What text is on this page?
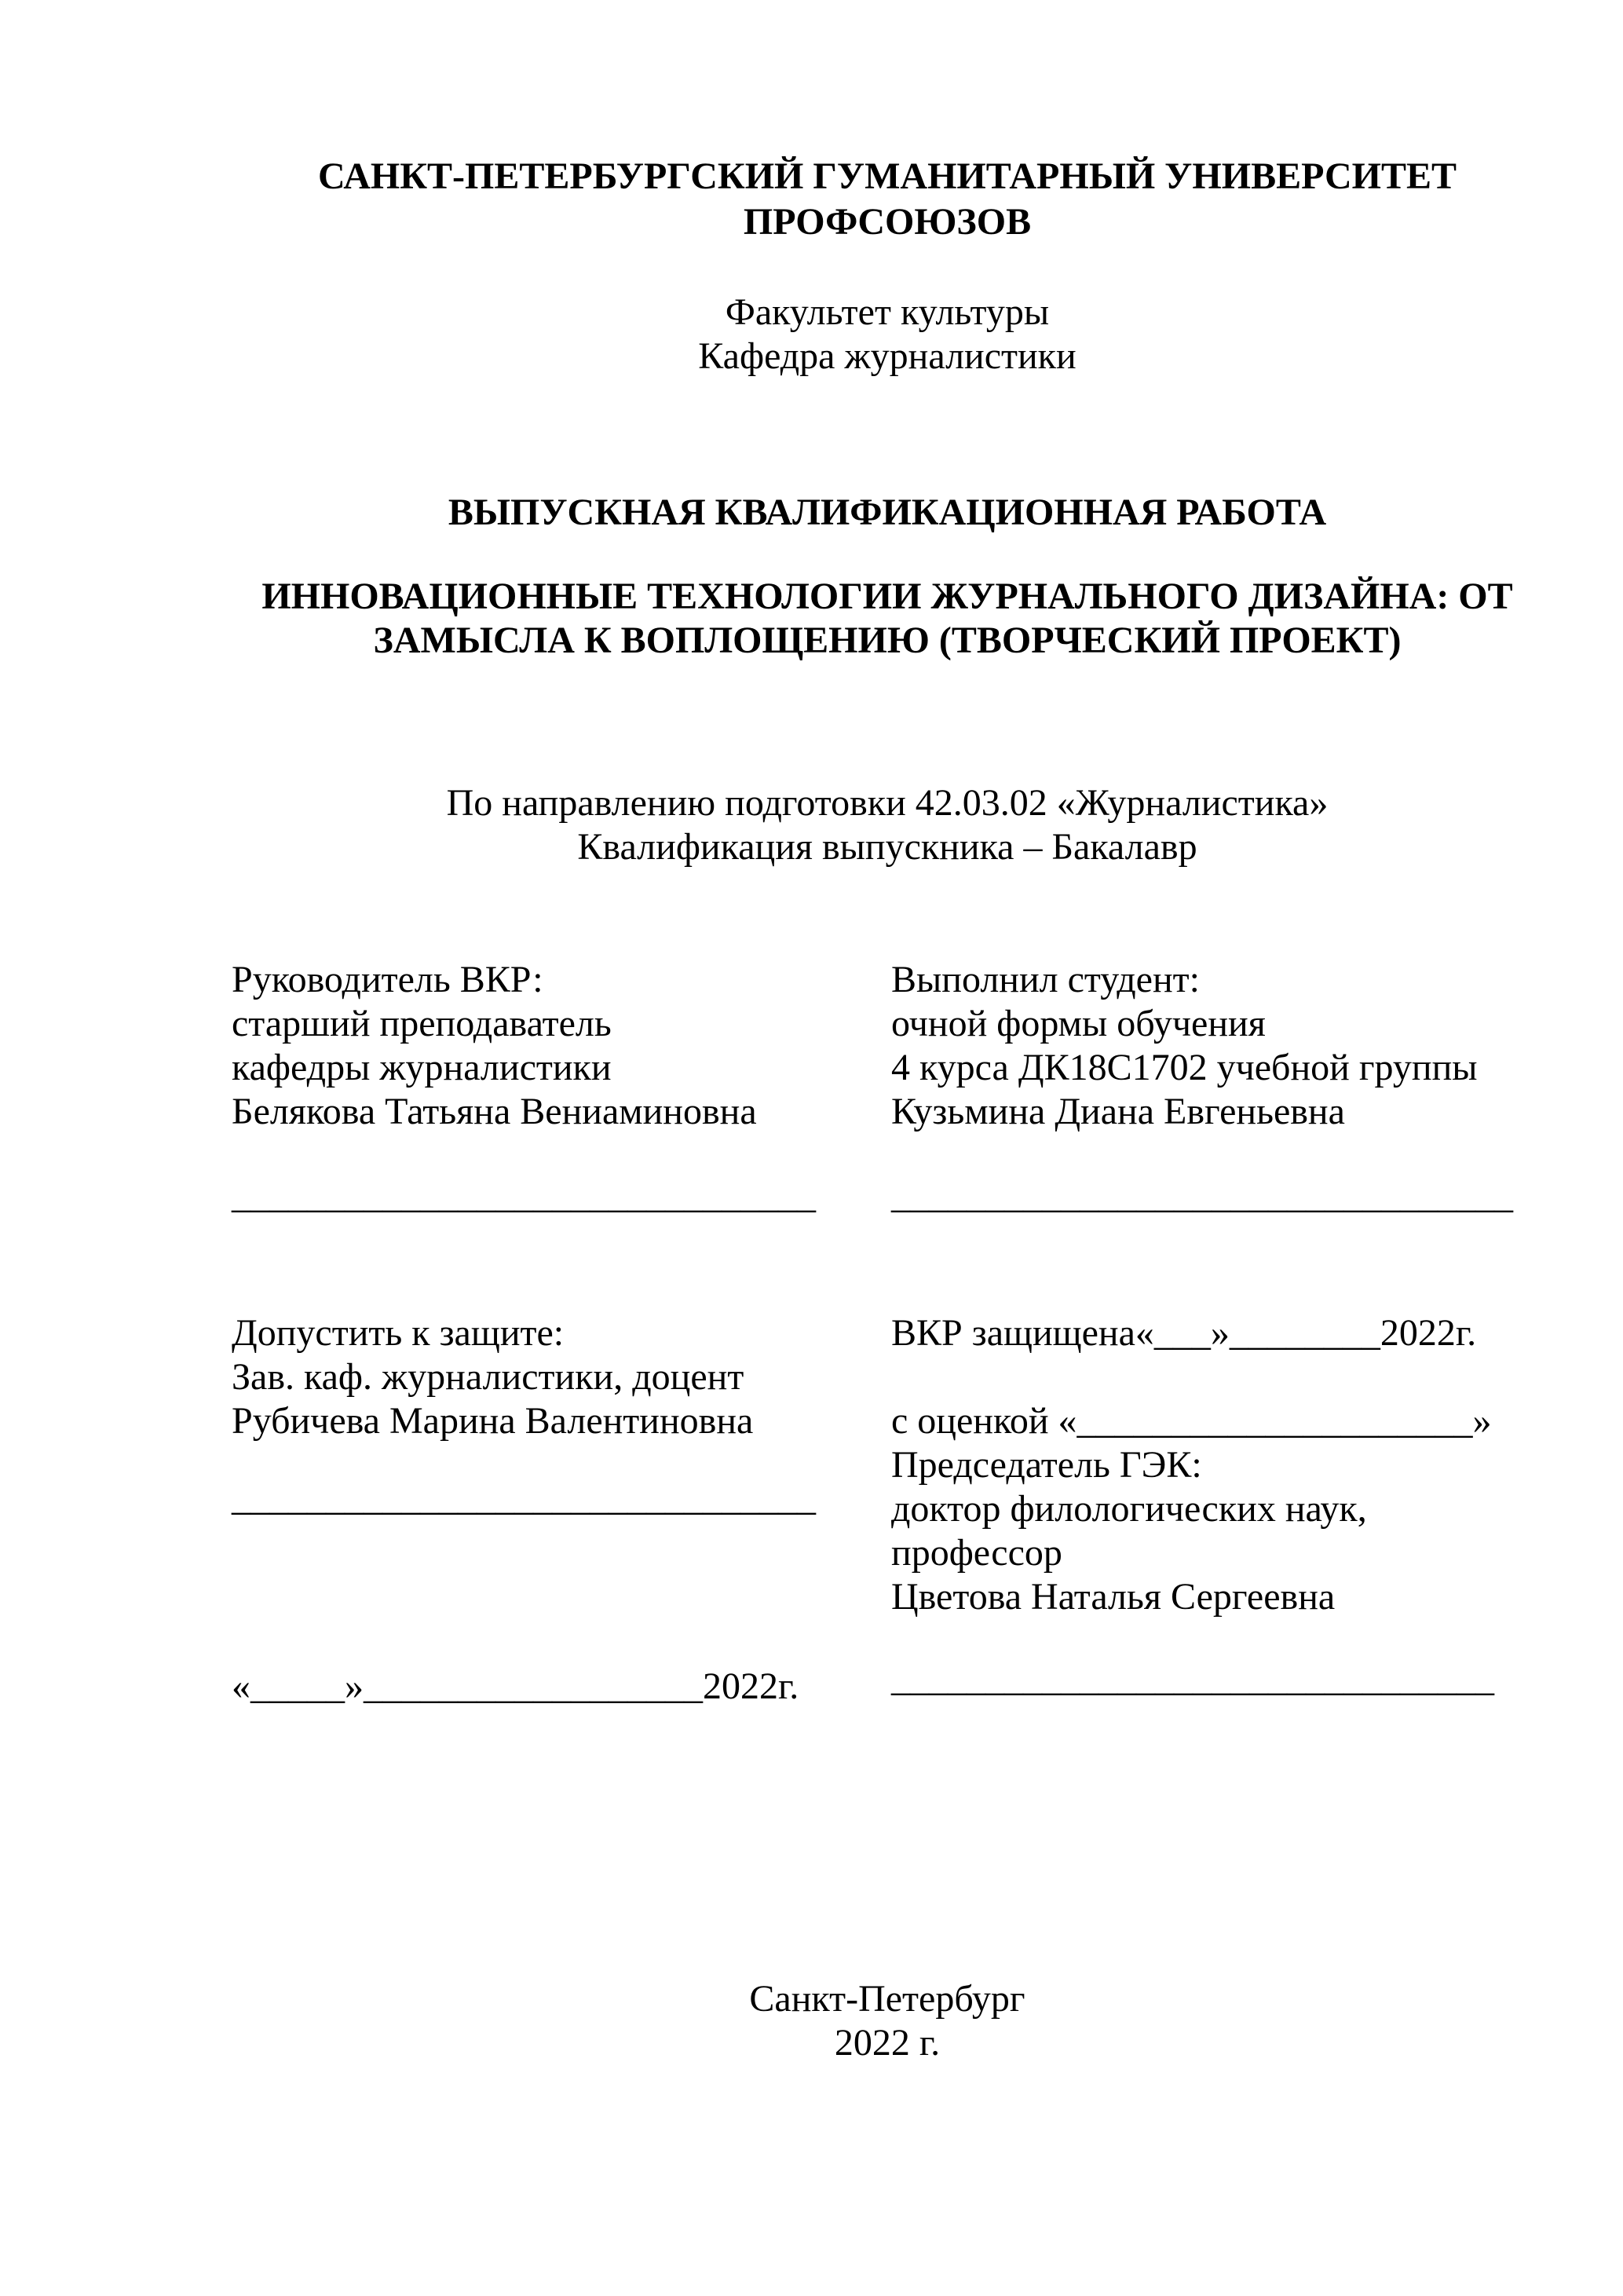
САНКТ-ПЕТЕРБУРГСКИЙ ГУМАНИТАРНЫЙ УНИВЕРСИТЕТ ПРОФСОЮЗОВ
Факультет культуры
Кафедра журналистики
ВЫПУСКНАЯ КВАЛИФИКАЦИОННАЯ РАБОТА
ИННОВАЦИОННЫЕ ТЕХНОЛОГИИ ЖУРНАЛЬНОГО ДИЗАЙНА: ОТ ЗАМЫСЛА К ВОПЛОЩЕНИЮ (ТВОРЧЕСКИЙ ПРОЕКТ)
По направлению подготовки 42.03.02 «Журналистика»
Квалификация выпускника – Бакалавр
Руководитель ВКР:
старший преподаватель
кафедры журналистики
Белякова Татьяна Вениаминовна
_______________________________
Выполнил студент:
очной формы обучения
4 курса ДК18С1702 учебной группы
Кузьмина Диана Евгеньевна
_________________________________
Допустить к защите:
Зав. каф. журналистики, доцент
Рубичева Марина Валентиновна
_______________________________
«_____»__________________2022г.
ВКР защищена«___»________2022г.
с оценкой «_____________________»
Председатель ГЭК:
доктор филологических наук,
профессор
Цветова Наталья Сергеевна
________________________________
Санкт-Петербург
2022 г.
